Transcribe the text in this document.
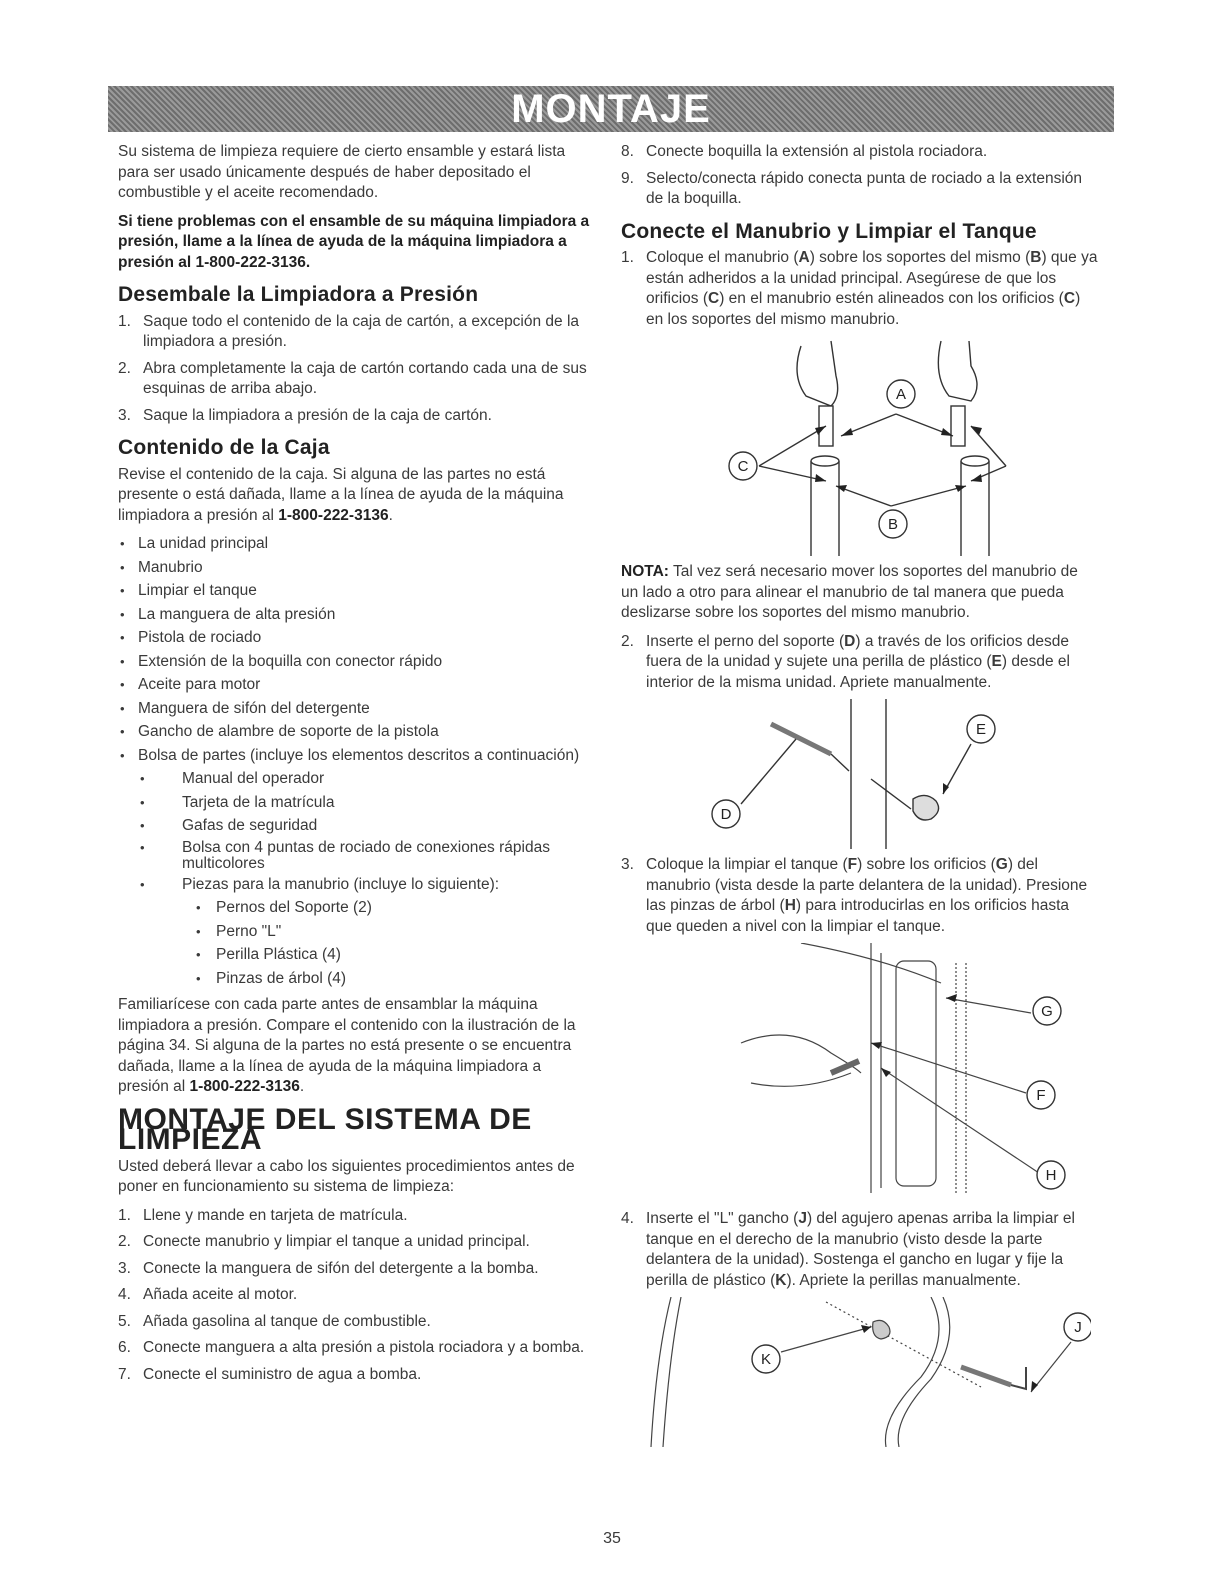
MONTAJE

Su sistema de limpieza requiere de cierto ensamble y estará lista para ser usado únicamente después de haber depositado el combustible y el aceite recomendado.

Si tiene problemas con el ensamble de su máquina limpiadora a presión, llame a la línea de ayuda de la máquina limpiadora a presión al 1-800-222-3136.

Desembale la Limpiadora a Presión
1. Saque todo el contenido de la caja de cartón, a excepción de la limpiadora a presión.
2. Abra completamente la caja de cartón cortando cada una de sus esquinas de arriba abajo.
3. Saque la limpiadora a presión de la caja de cartón.
Contenido de la Caja

Revise el contenido de la caja. Si alguna de las partes no está presente o está dañada, llame a la línea de ayuda de la máquina limpiadora a presión al 1-800-222-3136.

• La unidad principal
• Manubrio
• Limpiar el tanque
• La manguera de alta presión
• Pistola de rociado
• Extensión de la boquilla con conector rápido
• Aceite para motor
• Manguera de sifón del detergente
• Gancho de alambre de soporte de la pistola
• Bolsa de partes (incluye los elementos descritos a continuación)
• Manual del operador
• Tarjeta de la matrícula
• Gafas de seguridad
• Bolsa con 4 puntas de rociado de conexiones rápidas multicolores
• Piezas para la manubrio (incluye lo siguiente):
• Pernos del Soporte (2)
• Perno "L"
• Perilla Plástica (4)
• Pinzas de árbol (4)

Familiarícese con cada parte antes de ensamblar la máquina limpiadora a presión. Compare el contenido con la ilustración de la página 34. Si alguna de la partes no está presente o se encuentra dañada, llame a la línea de ayuda de la máquina limpiadora a presión al 1-800-222-3136.

MONTAJE DEL SISTEMA DE LIMPIEZA

Usted deberá llevar a cabo los siguientes procedimientos antes de poner en funcionamiento su sistema de limpieza:

1. Llene y mande en tarjeta de matrícula.
2. Conecte manubrio y limpiar el tanque a unidad principal.
3. Conecte la manguera de sifón del detergente a la bomba.
4. Añada aceite al motor.
5. Añada gasolina al tanque de combustible.
6. Conecte manguera a alta presión a pistola rociadora y a bomba.
7. Conecte el suministro de agua a bomba.
8. Conecte boquilla la extensión al pistola rociadora.
9. Selecto/conecta rápido conecta punta de rociado a la extensión de la boquilla.
Conecte el Manubrio y Limpiar el Tanque
1. Coloque el manubrio (A) sobre los soportes del mismo (B) que ya están adheridos a la unidad principal. Asegúrese de que los orificios (C) en el manubrio estén alineados con los orificios (C) en los soportes del mismo manubrio.
A
C
B

NOTA: Tal vez será necesario mover los soportes del manubrio de un lado a otro para alinear el manubrio de tal manera que pueda deslizarse sobre los soportes del mismo manubrio.

2. Inserte el perno del soporte (D) a través de los orificios desde fuera de la unidad y sujete una perilla de plástico (E) desde el interior de la misma unidad. Apriete manualmente.
E
D
3. Coloque la limpiar el tanque (F) sobre los orificios (G) del manubrio (vista desde la parte delantera de la unidad). Presione las pinzas de árbol (H) para introducirlas en los orificios hasta que queden a nivel con la limpiar el tanque.
G
F
H
4. Inserte el "L" gancho (J) del agujero apenas arriba la limpiar el tanque en el derecho de la manubrio (visto desde la parte delantera de la unidad). Sostenga el gancho en lugar y fije la perilla de plástico (K). Apriete la perillas manualmente.
K
J
35
